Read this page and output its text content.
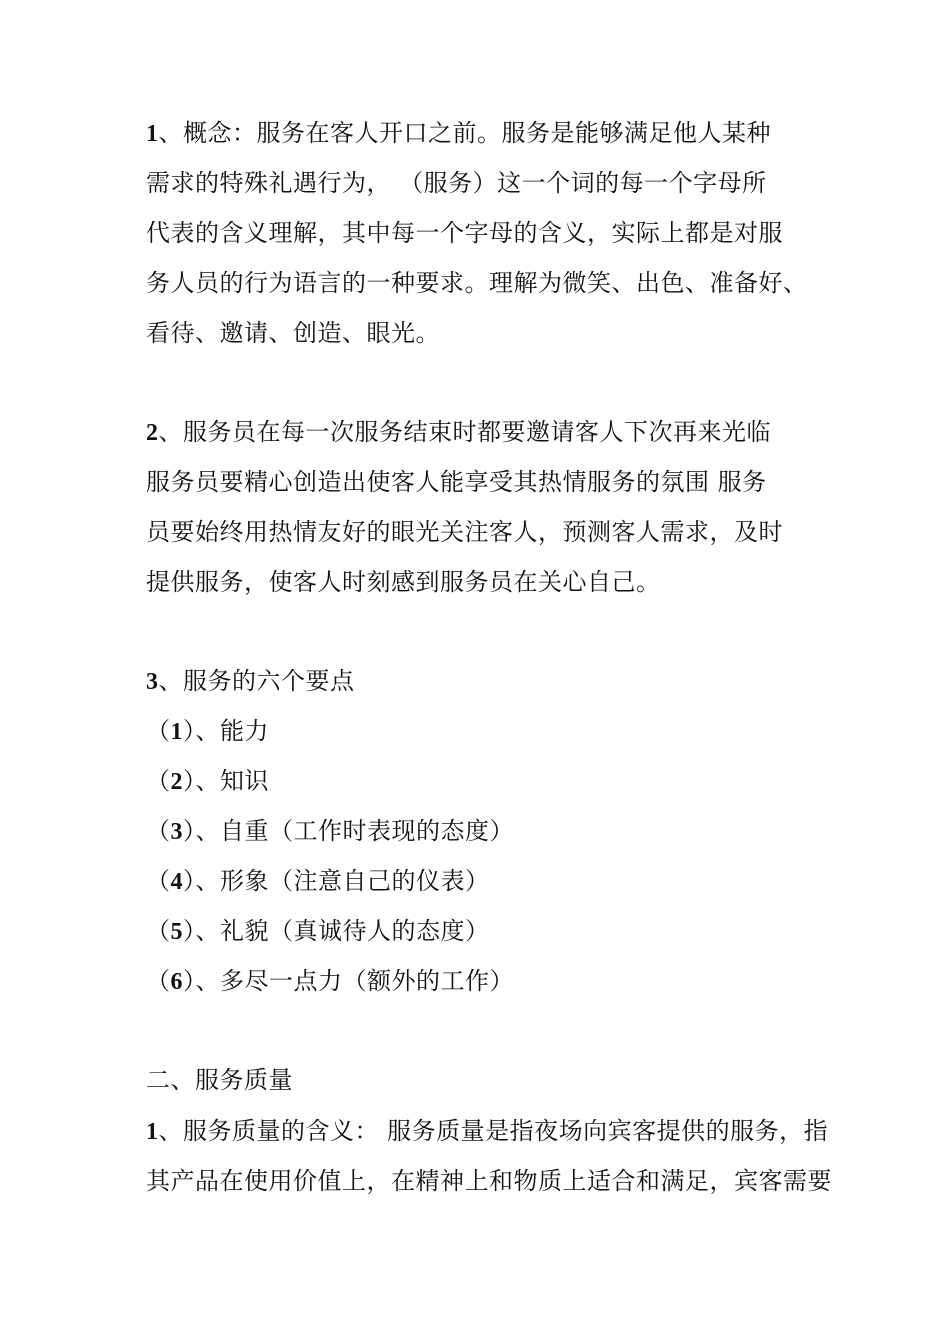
1、概念：服务在客人开口之前。服务是能够满足他人某种
需求的特殊礼遇行为， （服务）这一个词的每一个字母所
代表的含义理解，其中每一个字母的含义，实际上都是对服
务人员的行为语言的一种要求。理解为微笑、出色、准备好、
看待、邀请、创造、眼光。
2、服务员在每一次服务结束时都要邀请客人下次再来光临
服务员要精心创造出使客人能享受其热情服务的氛围 服务
员要始终用热情友好的眼光关注客人，预测客人需求，及时
提供服务，使客人时刻感到服务员在关心自己。
3、服务的六个要点
（1）、能力
（2）、知识
（3）、自重（工作时表现的态度）
（4）、形象（注意自己的仪表）
（5）、礼貌（真诚待人的态度）
（6）、多尽一点力（额外的工作）
二、服务质量
1、服务质量的含义： 服务质量是指夜场向宾客提供的服务，指
其产品在使用价值上，在精神上和物质上适合和满足，宾客需要
